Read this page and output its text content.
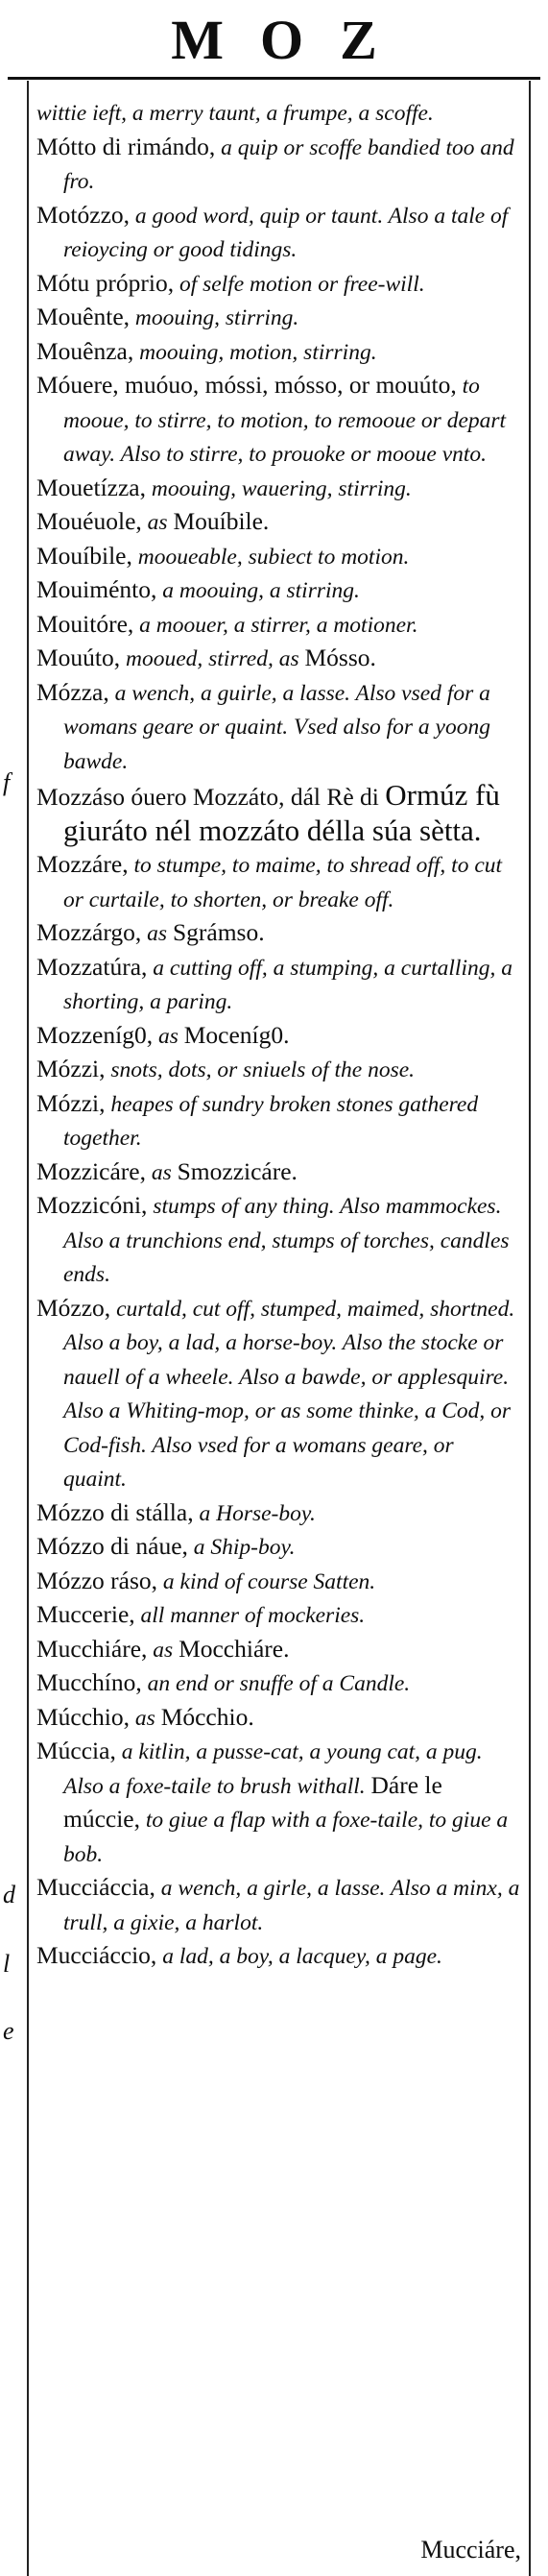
MOZ
f
d
l
e
wittie ieft, a merry taunt, a frumpe, a scoffe.
Mótto di rimándo, a quip or scoffe bandied too and fro.
Motózzo, a good word, quip or taunt. Also a tale of reioycing or good tidings.
Mótu próprio, of selfe motion or free-will.
Mouênte, moouing, stirring.
Mouênza, moouing, motion, stirring.
Móuere, muóuo, móssi, mósso, or mouúto, to mooue, to stirre, to motion, to remooue or depart away. Also to stirre, to prouoke or mooue vnto.
Mouetízza, moouing, wauering, stirring.
Mouéuole, as Mouíbile.
Mouíbile, mooueable, subiect to motion.
Mouiménto, a moouing, a stirring.
Mouitóre, a moouer, a stirrer, a motioner.
Mouúto, mooued, stirred, as Mósso.
Mózza, a wench, a guirle, a lasse. Also vsed for a womans geare or quaint. Vsed also for a yoong bawde.
Mozzáso óuero Mozzáto, dál Rè di Ormúz fù giuráto nél mozzáto délla súa sètta.
Mozzáre, to stumpe, to maime, to shread off, to cut or curtaile, to shorten, or breake off.
Mozzárgo, as Sgrámso.
Mozzatúra, a cutting off, a stumping, a curtalling, a shorting, a paring.
Mozzeníg0, as Moceníg0.
Mózzi, snots, dots, or sniuels of the nose.
Mózzi, heapes of sundry broken stones gathered together.
Mozzicáre, as Smozzicáre.
Mozzicóni, stumps of any thing. Also mammockes. Also a trunchions end, stumps of torches, candles ends.
Mózzo, curtald, cut off, stumped, maimed, shortned. Also a boy, a lad, a horse-boy. Also the stocke or nauell of a wheele. Also a bawde, or applesquire. Also a Whiting-mop, or as some thinke, a Cod, or Cod-fish. Also vsed for a womans geare, or quaint.
Mózzo di stálla, a Horse-boy.
Mózzo di náue, a Ship-boy.
Mózzo ráso, a kind of course Satten.
Muccerie, all manner of mockeries.
Mucchiáre, as Mocchiáre.
Mucchíno, an end or snuffe of a Candle.
Múcchio, as Mócchio.
Múccia, a kitlin, a pusse-cat, a young cat, a pug. Also a foxe-taile to brush withall. Dáre le múccie, to giue a flap with a foxe-taile, to giue a bob.
Mucciáccia, a wench, a girle, a lasse. Also a minx, a trull, a gixie, a harlot.
Mucciáccio, a lad, a boy, a lacquey, a page.
Mucciáre,
